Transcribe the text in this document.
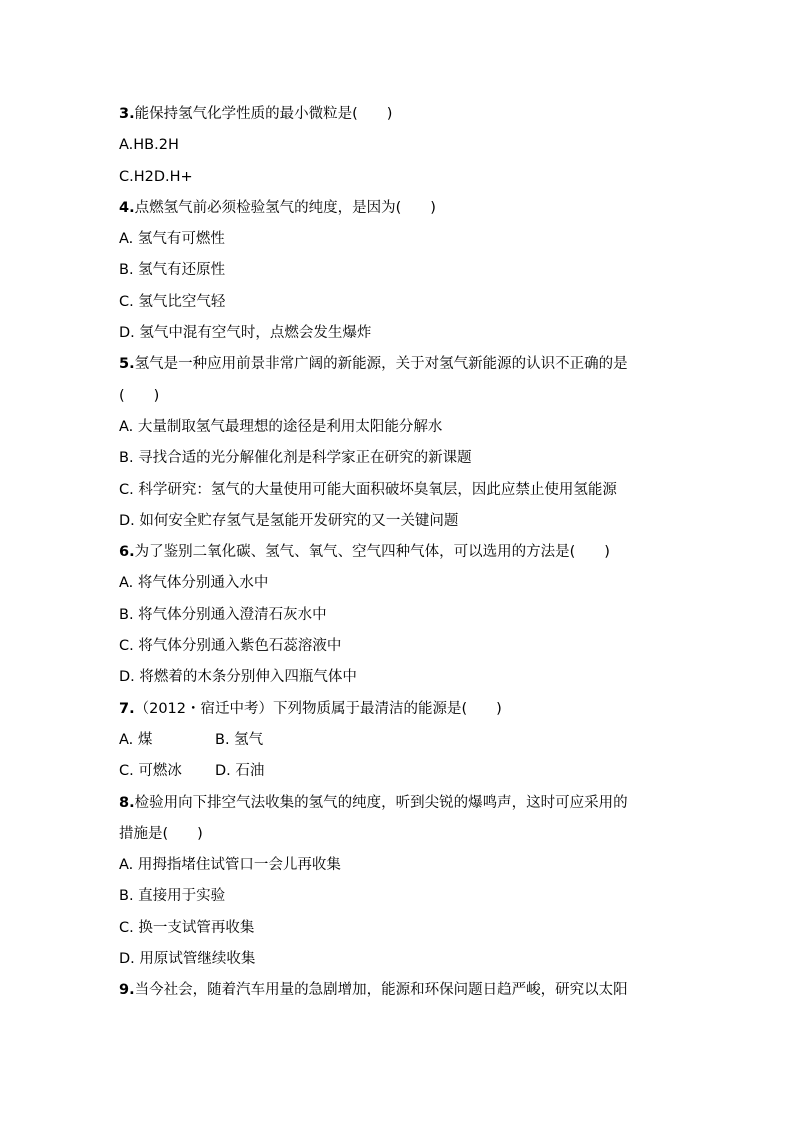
3.能保持氢气化学性质的最小微粒是(　　)
A.HB.2H
C.H2D.H+
4.点燃氢气前必须检验氢气的纯度，是因为(　　)
A. 氢气有可燃性
B. 氢气有还原性
C. 氢气比空气轻
D. 氢气中混有空气时，点燃会发生爆炸
5.氢气是一种应用前景非常广阔的新能源，关于对氢气新能源的认识不正确的是
(　　)
A. 大量制取氢气最理想的途径是利用太阳能分解水
B. 寻找合适的光分解催化剂是科学家正在研究的新课题
C. 科学研究：氢气的大量使用可能大面积破坏臭氧层，因此应禁止使用氢能源
D. 如何安全贮存氢气是氢能开发研究的又一关键问题
6.为了鉴别二氧化碳、氢气、氧气、空气四种气体，可以选用的方法是(　　)
A. 将气体分别通入水中
B. 将气体分别通入澄清石灰水中
C. 将气体分别通入紫色石蕊溶液中
D. 将燃着的木条分别伸入四瓶气体中
7.（2012・宿迁中考）下列物质属于最清洁的能源是(　　)
A. 煤	B. 氢气
C. 可燃冰 D. 石油
8.检验用向下排空气法收集的氢气的纯度，听到尖锐的爆鸣声，这时可应采用的
措施是(　　)
A. 用拇指堵住试管口一会儿再收集
B. 直接用于实验
C. 换一支试管再收集
D. 用原试管继续收集
9.当今社会，随着汽车用量的急剧增加，能源和环保问题日趋严峻，研究以太阳
